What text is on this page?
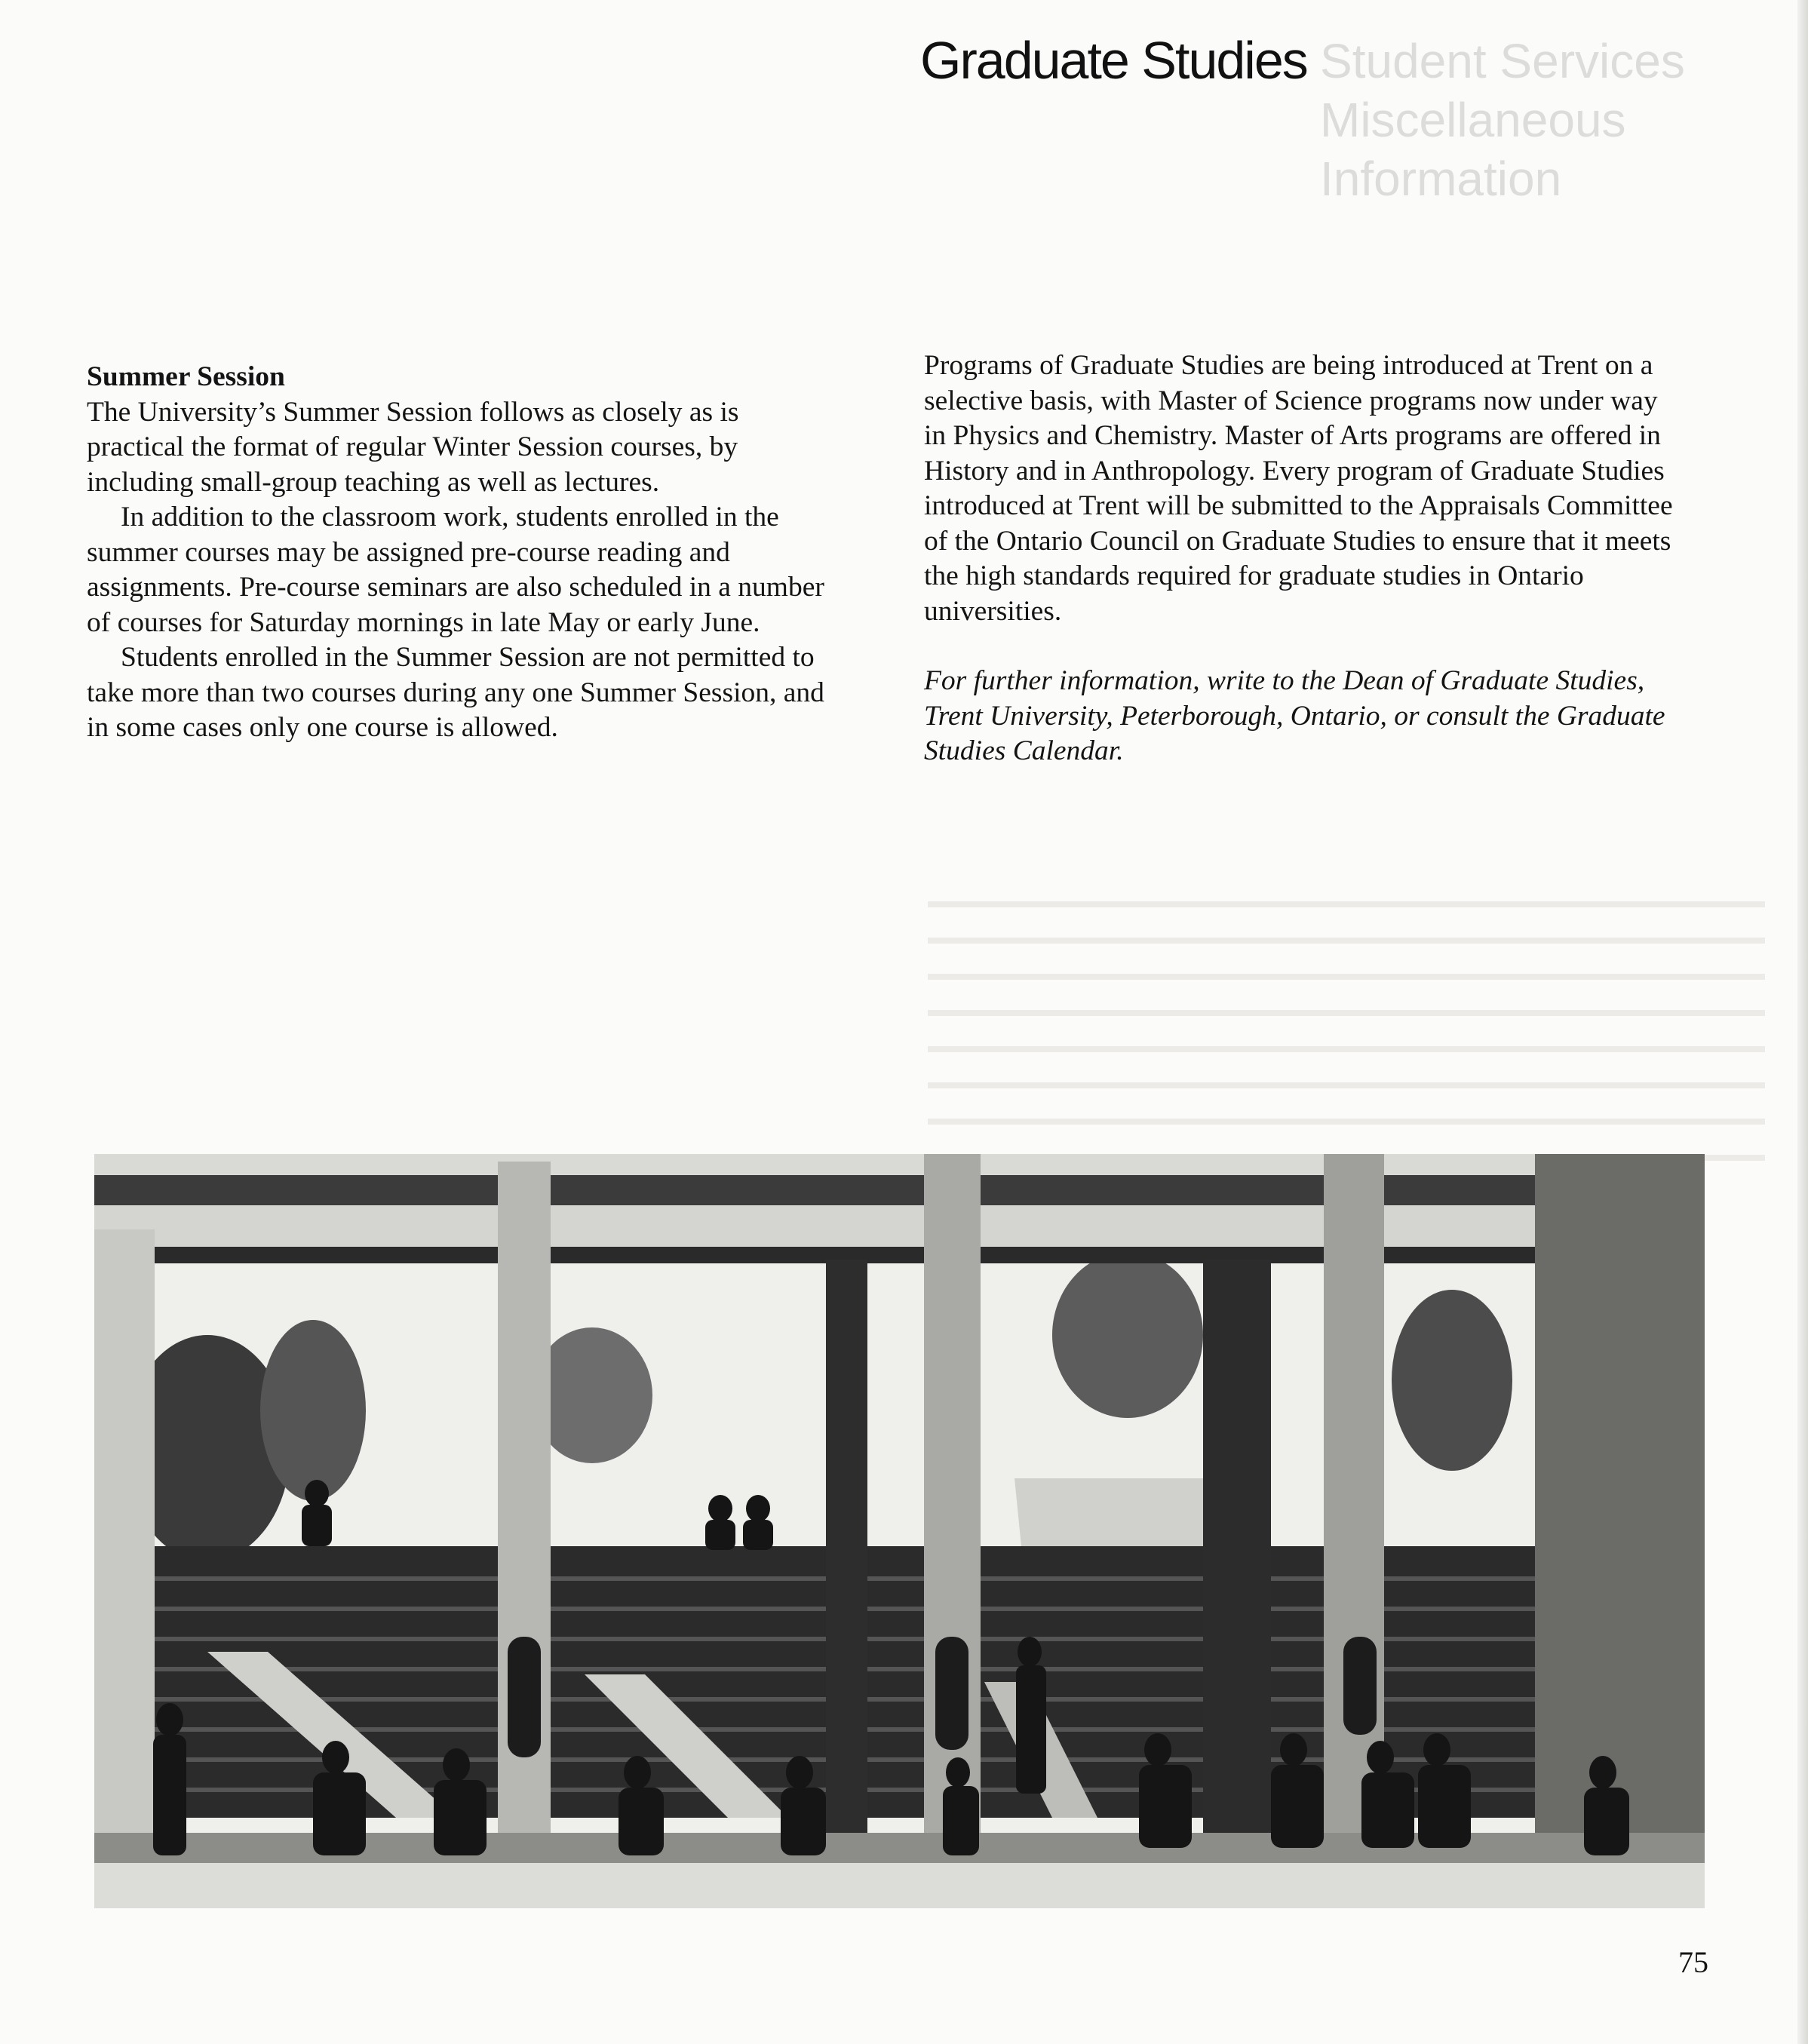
Student Services Miscellaneous Information
Graduate Studies
Summer Session

The University’s Summer Session follows as closely as is practical the format of regular Winter Session courses, by including small-group teaching as well as lectures.

In addition to the classroom work, students enrolled in the summer courses may be assigned pre-course reading and assignments. Pre-course seminars are also scheduled in a number of courses for Saturday mornings in late May or early June.

Students enrolled in the Summer Session are not permitted to take more than two courses during any one Summer Session, and in some cases only one course is allowed.

Programs of Graduate Studies are being introduced at Trent on a selective basis, with Master of Science programs now under way in Physics and Chemistry. Master of Arts programs are offered in History and in Anthropology. Every program of Graduate Studies introduced at Trent will be submitted to the Appraisals Committee of the Ontario Council on Graduate Studies to ensure that it meets the high standards required for graduate studies in Ontario universities.

For further information, write to the Dean of Graduate Studies, Trent University, Peterborough, Ontario, or consult the Graduate Studies Calendar.

75
